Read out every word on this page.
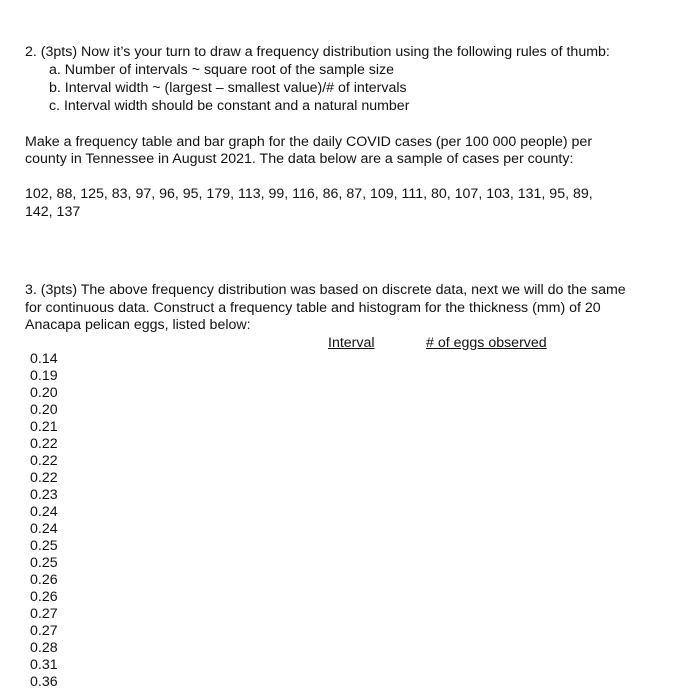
2. (3pts) Now it’s your turn to draw a frequency distribution using the following rules of thumb:
a. Number of intervals ~ square root of the sample size
b. Interval width ~ (largest – smallest value)/# of intervals
c. Interval width should be constant and a natural number
Make a frequency table and bar graph for the daily COVID cases (per 100 000 people) per
county in Tennessee in August 2021. The data below are a sample of cases per county:
102, 88, 125, 83, 97, 96, 95, 179, 113, 99, 116, 86, 87, 109, 111, 80, 107, 103, 131, 95, 89,
142, 137
3. (3pts) The above frequency distribution was based on discrete data, next we will do the same
for continuous data. Construct a frequency table and histogram for the thickness (mm) of 20
Anacapa pelican eggs, listed below:
Interval	# of eggs observed
0.14
0.19
0.20
0.20
0.21
0.22
0.22
0.22
0.23
0.24
0.24
0.25
0.25
0.26
0.26
0.27
0.27
0.28
0.31
0.36
